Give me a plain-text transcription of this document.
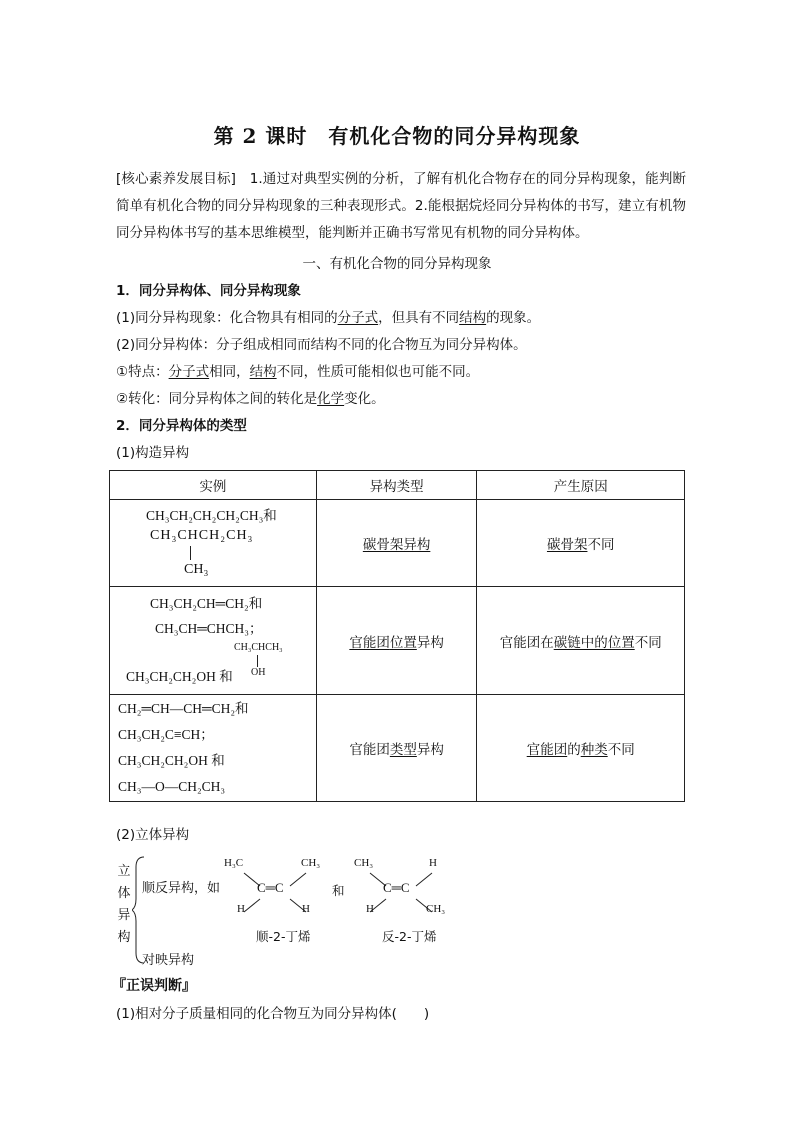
第 2 课时　有机化合物的同分异构现象
[核心素养发展目标]　1.通过对典型实例的分析，了解有机化合物存在的同分异构现象，能判断简单有机化合物的同分异构现象的三种表现形式。2.能根据烷烃同分异构体的书写，建立有机物同分异构体书写的基本思维模型，能判断并正确书写常见有机物的同分异构体。
一、有机化合物的同分异构现象
1．同分异构体、同分异构现象
(1)同分异构现象：化合物具有相同的分子式，但具有不同结构的现象。
(2)同分异构体：分子组成相同而结构不同的化合物互为同分异构体。
①特点：分子式相同，结构不同，性质可能相似也可能不同。
②转化：同分异构体之间的转化是化学变化。
2．同分异构体的类型
(1)构造异构
实例	异构类型	产生原因

CH₃CH₂CH₂CH₂CH₃和
CH₃CHCH₂CH₃
CH₃	碳骨架异构	碳骨架不同

CH₃CH₂CH═CH₂和
CH₃CH═CHCH₃；
CH₃CHCH₃
CH₃CH₂CH₂OH 和 OH	官能团位置异构	官能团在碳链中的位置不同

CH₂═CH—CH═CH₂和
CH₃CH₂C≡CH；
CH₃CH₂CH₂OH 和
CH₃—O—CH₂CH₃	官能团类型异构	官能团的种类不同
(2)立体异构
立
体
异
构
顺反异构，如
对映异构
H₃C	CH₃
C═C
H	H
顺-2-丁烯
和
CH₃	H
C═C
H	CH₃
反-2-丁烯
『正误判断』
(1)相对分子质量相同的化合物互为同分异构体(　　)
